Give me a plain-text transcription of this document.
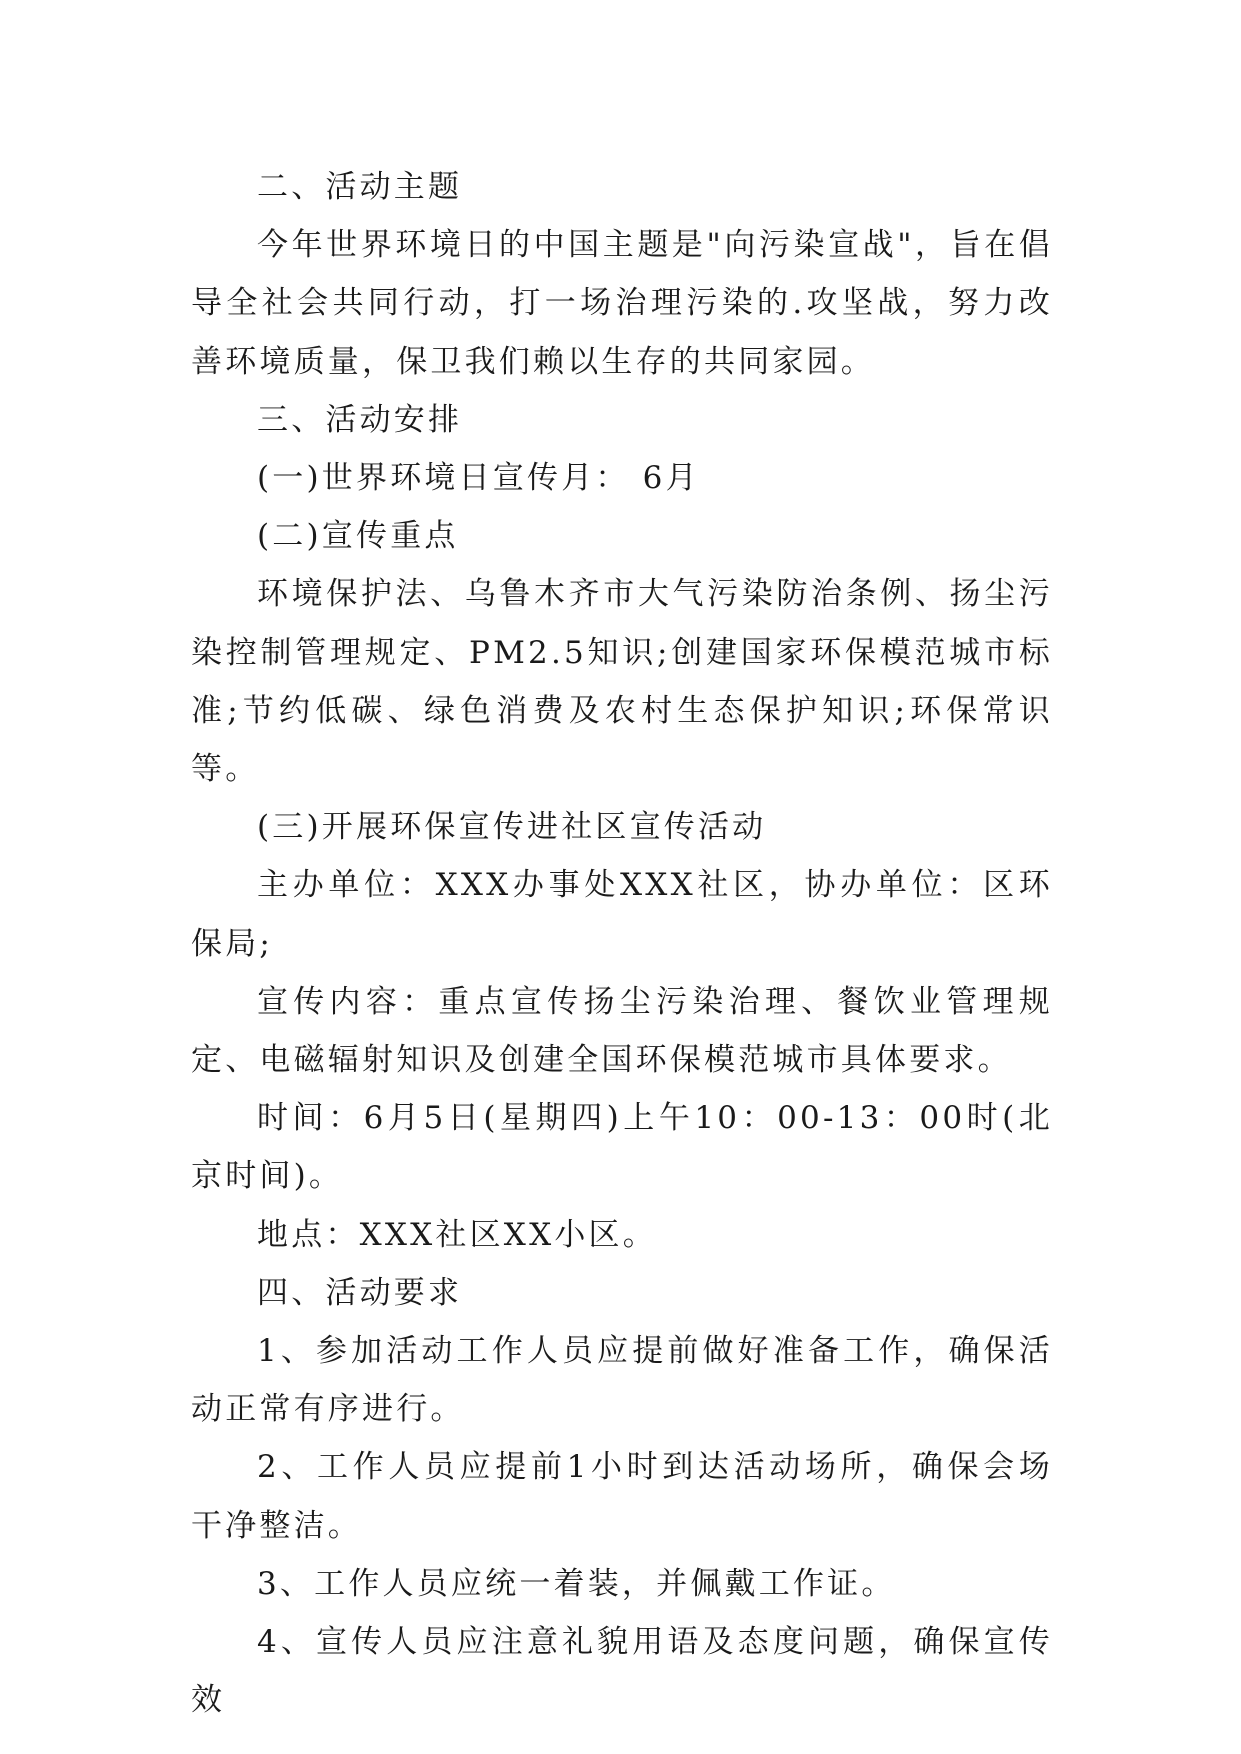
二、活动主题

今年世界环境日的中国主题是"向污染宣战"，旨在倡导全社会共同行动，打一场治理污染的.攻坚战，努力改善环境质量，保卫我们赖以生存的共同家园。

三、活动安排

(一)世界环境日宣传月： 6月

(二)宣传重点

环境保护法、乌鲁木齐市大气污染防治条例、扬尘污染控制管理规定、PM2.5知识;创建国家环保模范城市标准;节约低碳、绿色消费及农村生态保护知识;环保常识等。

(三)开展环保宣传进社区宣传活动

主办单位：XXX办事处XXX社区，协办单位：区环保局;

宣传内容：重点宣传扬尘污染治理、餐饮业管理规定、电磁辐射知识及创建全国环保模范城市具体要求。

时间：6月5日(星期四)上午10：00-13：00时(北京时间)。

地点：XXX社区XX小区。

四、活动要求

1、参加活动工作人员应提前做好准备工作，确保活动正常有序进行。

2、工作人员应提前1小时到达活动场所，确保会场干净整洁。

3、工作人员应统一着装，并佩戴工作证。

4、宣传人员应注意礼貌用语及态度问题，确保宣传效
